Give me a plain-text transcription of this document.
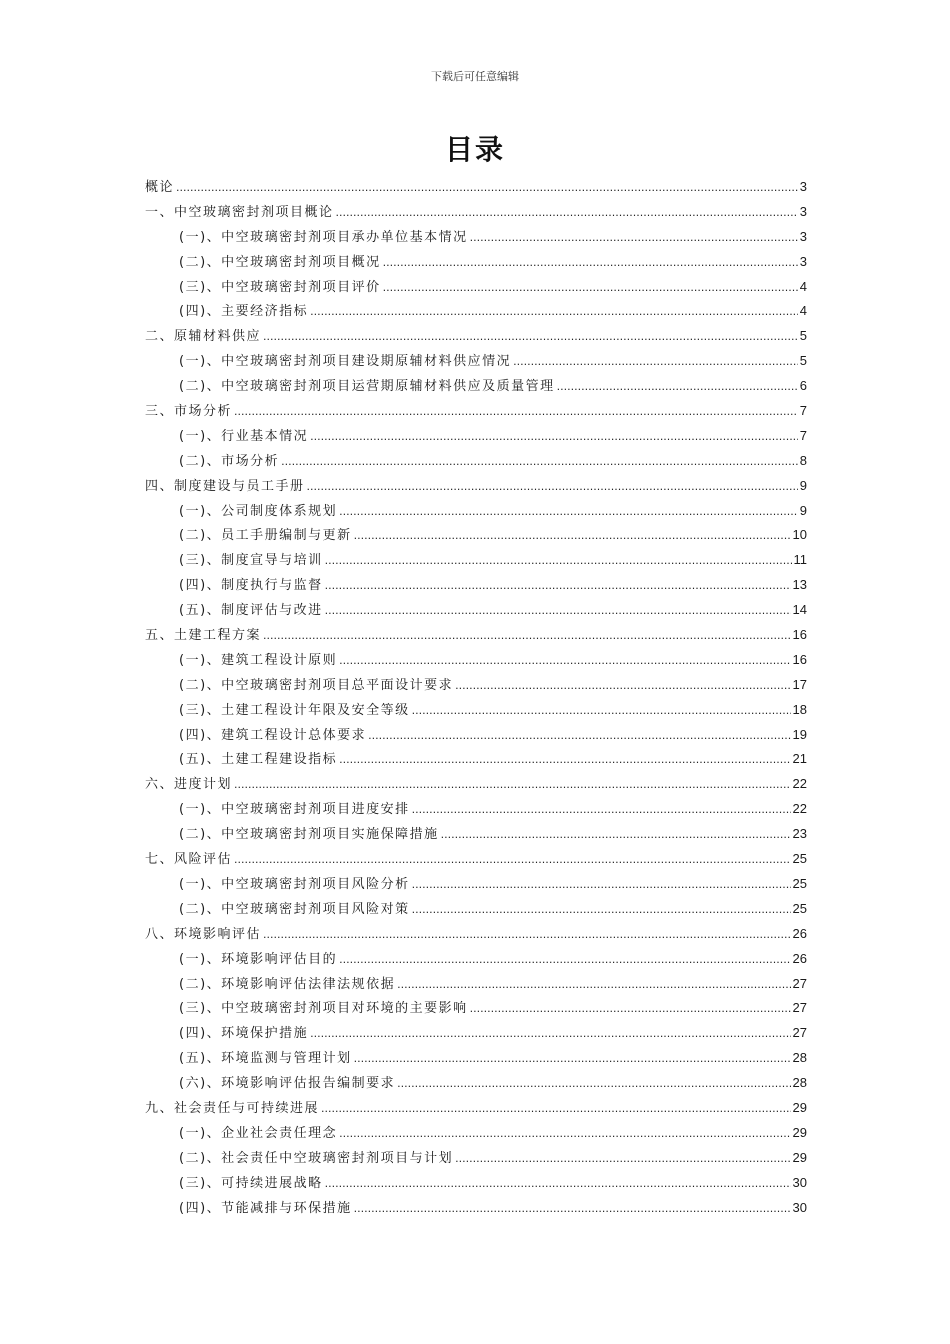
下载后可任意编辑
目录
概论 .....	3
一、中空玻璃密封剂项目概论 .....	3
(一)、中空玻璃密封剂项目承办单位基本情况 .....	3
(二)、中空玻璃密封剂项目概况 .....	3
(三)、中空玻璃密封剂项目评价 .....	4
(四)、主要经济指标 .....	4
二、原辅材料供应 .....	5
(一)、中空玻璃密封剂项目建设期原辅材料供应情况 .....	5
(二)、中空玻璃密封剂项目运营期原辅材料供应及质量管理 .....	6
三、市场分析 .....	7
(一)、行业基本情况 .....	7
(二)、市场分析 .....	8
四、制度建设与员工手册 .....	9
(一)、公司制度体系规划 .....	9
(二)、员工手册编制与更新 .....	10
(三)、制度宣导与培训 .....	11
(四)、制度执行与监督 .....	13
(五)、制度评估与改进 .....	14
五、土建工程方案 .....	16
(一)、建筑工程设计原则 .....	16
(二)、中空玻璃密封剂项目总平面设计要求 .....	17
(三)、土建工程设计年限及安全等级 .....	18
(四)、建筑工程设计总体要求 .....	19
(五)、土建工程建设指标 .....	21
六、进度计划 .....	22
(一)、中空玻璃密封剂项目进度安排 .....	22
(二)、中空玻璃密封剂项目实施保障措施 .....	23
七、风险评估 .....	25
(一)、中空玻璃密封剂项目风险分析 .....	25
(二)、中空玻璃密封剂项目风险对策 .....	25
八、环境影响评估 .....	26
(一)、环境影响评估目的 .....	26
(二)、环境影响评估法律法规依据 .....	27
(三)、中空玻璃密封剂项目对环境的主要影响 .....	27
(四)、环境保护措施 .....	27
(五)、环境监测与管理计划 .....	28
(六)、环境影响评估报告编制要求 .....	28
九、社会责任与可持续进展 .....	29
(一)、企业社会责任理念 .....	29
(二)、社会责任中空玻璃密封剂项目与计划 .....	29
(三)、可持续进展战略 .....	30
(四)、节能减排与环保措施 .....	30
